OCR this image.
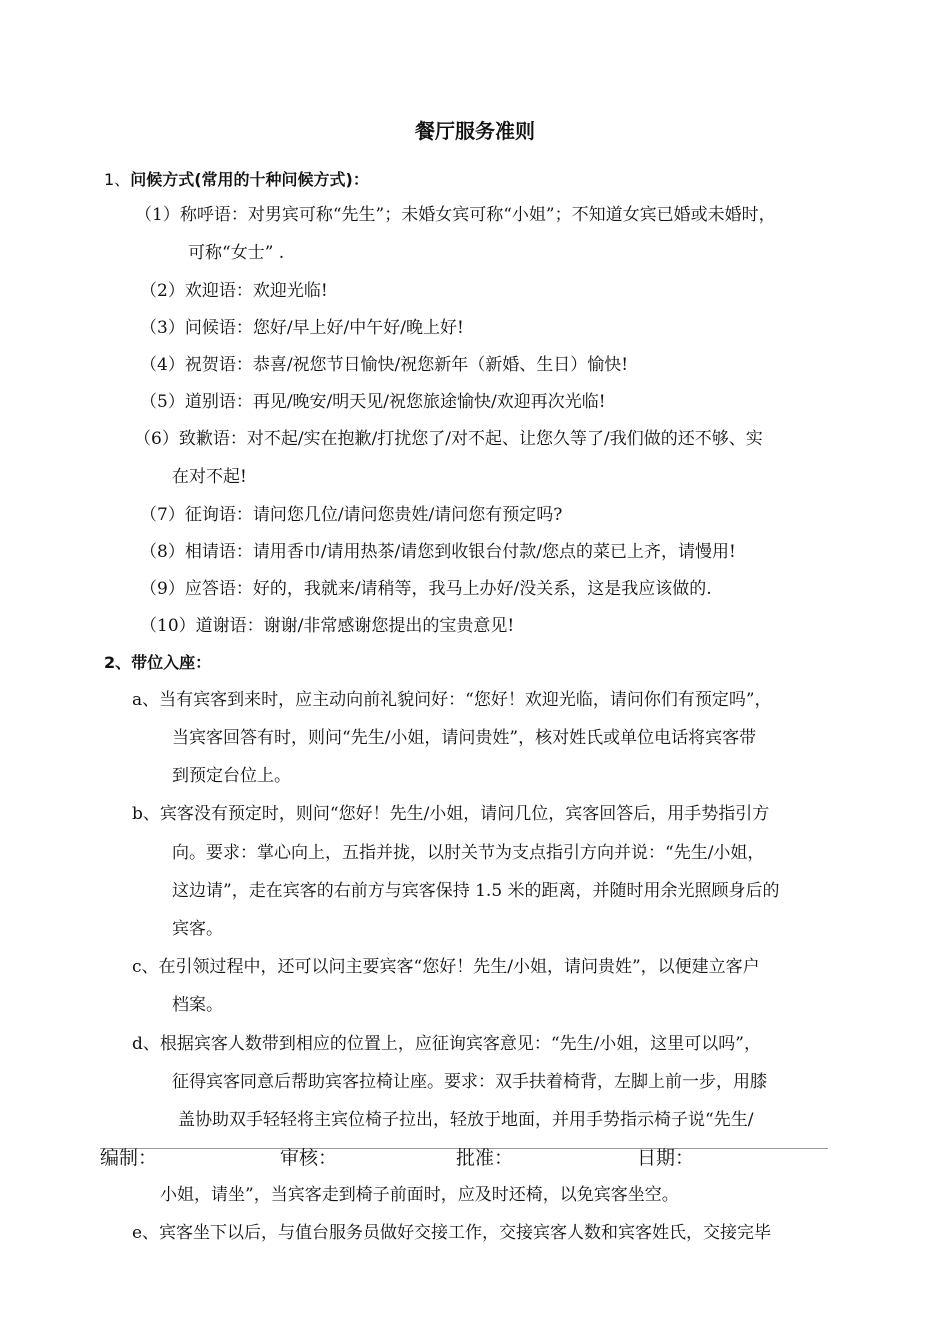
餐厅服务准则
1、问候方式(常用的十种问候方式)：
（1）称呼语：对男宾可称“先生”；未婚女宾可称“小姐”；不知道女宾已婚或未婚时，
可称“女士” .
（2）欢迎语：欢迎光临!
（3）问候语：您好/早上好/中午好/晚上好!
（4）祝贺语：恭喜/祝您节日愉快/祝您新年（新婚、生日）愉快!
（5）道别语：再见/晚安/明天见/祝您旅途愉快/欢迎再次光临!
（6）致歉语：对不起/实在抱歉/打扰您了/对不起、让您久等了/我们做的还不够、实
在对不起!
（7）征询语：请问您几位/请问您贵姓/请问您有预定吗?
（8）相请语：请用香巾/请用热茶/请您到收银台付款/您点的菜已上齐，请慢用!
（9）应答语：好的，我就来/请稍等，我马上办好/没关系，这是我应该做的.
（10）道谢语：谢谢/非常感谢您提出的宝贵意见!
2、带位入座：
a、当有宾客到来时，应主动向前礼貌问好：“您好！欢迎光临，请问你们有预定吗”，
当宾客回答有时，则问“先生/小姐，请问贵姓”，核对姓氏或单位电话将宾客带
到预定台位上。
b、宾客没有预定时，则问“您好！先生/小姐，请问几位，宾客回答后，用手势指引方
向。要求：掌心向上，五指并拢，以肘关节为支点指引方向并说：“先生/小姐，
这边请”，走在宾客的右前方与宾客保持 1.5 米的距离，并随时用余光照顾身后的
宾客。
c、在引领过程中，还可以问主要宾客“您好！先生/小姐，请问贵姓”，以便建立客户
档案。
d、根据宾客人数带到相应的位置上，应征询宾客意见：“先生/小姐，这里可以吗”，
征得宾客同意后帮助宾客拉椅让座。要求：双手扶着椅背，左脚上前一步，用膝
盖协助双手轻轻将主宾位椅子拉出，轻放于地面，并用手势指示椅子说“先生/
编制：	审核：	批准：	日期：
小姐，请坐”，当宾客走到椅子前面时，应及时还椅，以免宾客坐空。
e、宾客坐下以后，与值台服务员做好交接工作，交接宾客人数和宾客姓氏，交接完毕
